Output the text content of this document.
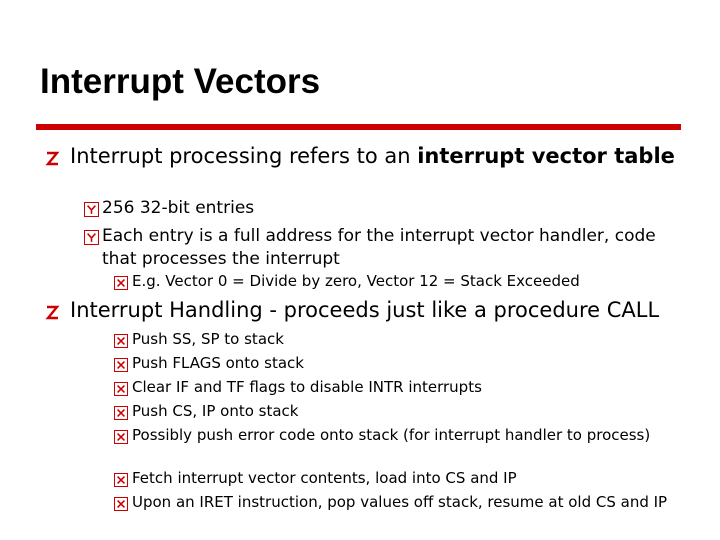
Interrupt Vectors
Interrupt processing refers to an interrupt vector table
256 32-bit entries
Each entry is a full address for the interrupt vector handler, code that processes the interrupt
E.g. Vector 0 = Divide by zero, Vector 12 = Stack Exceeded
Interrupt Handling - proceeds just like a procedure CALL
Push SS, SP to stack
Push FLAGS onto stack
Clear IF and TF flags to disable INTR interrupts
Push CS, IP onto stack
Possibly push error code onto stack (for interrupt handler to process)
Fetch interrupt vector contents, load into CS and IP
Upon an IRET instruction, pop values off stack, resume at old CS and IP
